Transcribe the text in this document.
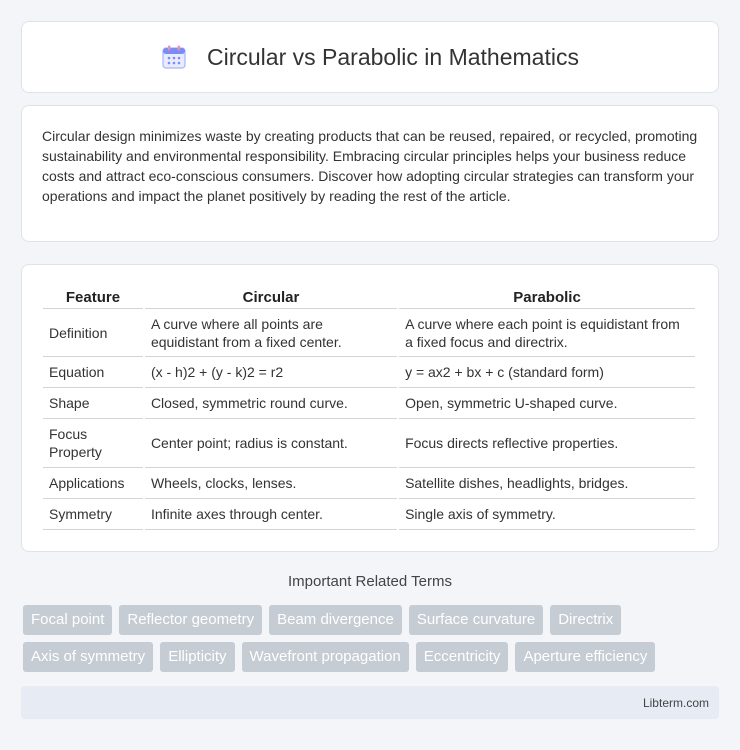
Circular vs Parabolic in Mathematics

Circular design minimizes waste by creating products that can be reused, repaired, or recycled, promoting sustainability and environmental responsibility. Embracing circular principles helps your business reduce costs and attract eco-conscious consumers. Discover how adopting circular strategies can transform your operations and impact the planet positively by reading the rest of the article.

Feature	Circular	Parabolic
Definition	A curve where all points are equidistant from a fixed center.	A curve where each point is equidistant from a fixed focus and directrix.
Equation	(x - h)2 + (y - k)2 = r2	y = ax2 + bx + c (standard form)
Shape	Closed, symmetric round curve.	Open, symmetric U-shaped curve.
Focus Property	Center point; radius is constant.	Focus directs reflective properties.
Applications	Wheels, clocks, lenses.	Satellite dishes, headlights, bridges.
Symmetry	Infinite axes through center.	Single axis of symmetry.
Important Related Terms
Focal point	Reflector geometry	Beam divergence	Surface curvature	Directrix
Axis of symmetry	Ellipticity	Wavefront propagation	Eccentricity	Aperture efficiency
Libterm.com
